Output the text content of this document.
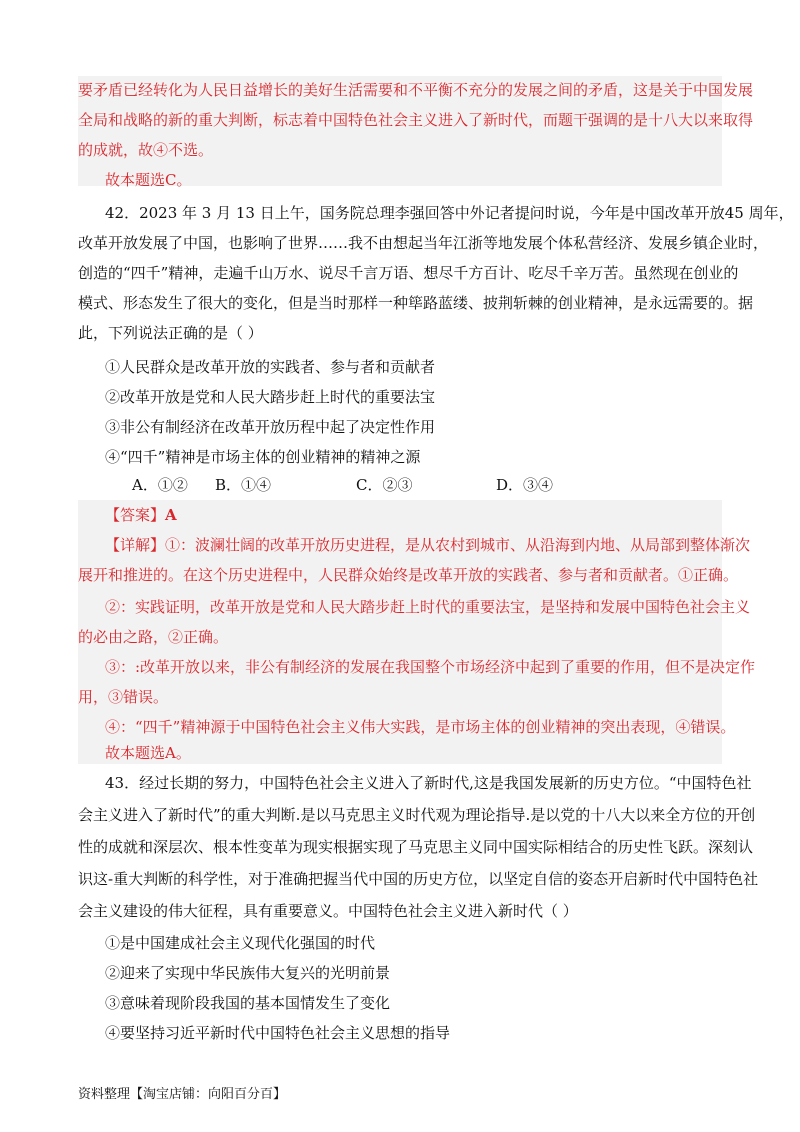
要矛盾已经转化为人民日益增长的美好生活需要和不平衡不充分的发展之间的矛盾，这是关于中国发展
全局和战略的新的重大判断，标志着中国特色社会主义进入了新时代，而题干强调的是十八大以来取得
的成就，故④不选。
故本题选C。
42．2023 年 3 月 13 日上午，国务院总理李强回答中外记者提问时说，今年是中国改革开放45 周年，
改革开放发展了中国，也影响了世界……我不由想起当年江浙等地发展个体私营经济、发展乡镇企业时，
创造的“四千”精神，走遍千山万水、说尽千言万语、想尽千方百计、吃尽千辛万苦。虽然现在创业的
模式、形态发生了很大的变化，但是当时那样一种筚路蓝缕、披荆斩棘的创业精神，是永远需要的。据
此，下列说法正确的是（ ）
①人民群众是改革开放的实践者、参与者和贡献者
②改革开放是党和人民大踏步赶上时代的重要法宝
③非公有制经济在改革开放历程中起了决定性作用
④“四千”精神是市场主体的创业精神的精神之源
A．①② B．①④	C．②③	D．③④
【答案】A
【详解】①：波澜壮阔的改革开放历史进程，是从农村到城市、从沿海到内地、从局部到整体渐次
展开和推进的。在这个历史进程中，人民群众始终是改革开放的实践者、参与者和贡献者。①正确。
②：实践证明，改革开放是党和人民大踏步赶上时代的重要法宝，是坚持和发展中国特色社会主义
的必由之路，②正确。
③：:改革开放以来，非公有制经济的发展在我国整个市场经济中起到了重要的作用，但不是决定作
用，③错误。
④：“四千”精神源于中国特色社会主义伟大实践，是市场主体的创业精神的突出表现，④错误。
故本题选A。
43．经过长期的努力，中国特色社会主义进入了新时代,这是我国发展新的历史方位。“中国特色社
会主义进入了新时代”的重大判断.是以马克思主义时代观为理论指导.是以党的十八大以来全方位的开创
性的成就和深层次、根本性变革为现实根据实现了马克思主义同中国实际相结合的历史性飞跃。深刻认
识这-重大判断的科学性，对于准确把握当代中国的历史方位，以坚定自信的姿态开启新时代中国特色社
会主义建设的伟大征程，具有重要意义。中国特色社会主义进入新时代（ ）
①是中国建成社会主义现代化强国的时代
②迎来了实现中华民族伟大复兴的光明前景
③意味着现阶段我国的基本国情发生了变化
④要坚持习近平新时代中国特色社会主义思想的指导
资料整理【淘宝店铺：向阳百分百】
